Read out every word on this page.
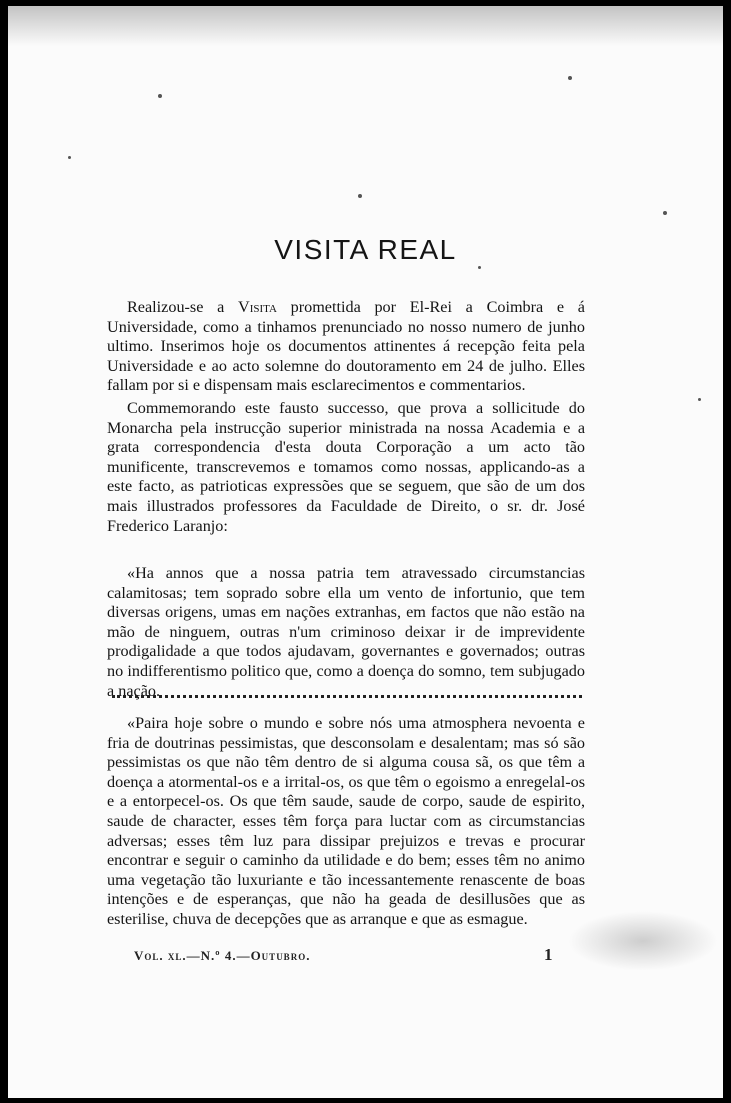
VISITA REAL

Realizou-se a Visita promettida por El-Rei a Coimbra e á Universidade, como a tinhamos prenunciado no nosso numero de junho ultimo. Inserimos hoje os documentos attinentes á recepção feita pela Universidade e ao acto solemne do doutoramento em 24 de julho. Elles fallam por si e dispensam mais esclarecimentos e commentarios.

Commemorando este fausto successo, que prova a sollicitude do Monarcha pela instrucção superior ministrada na nossa Academia e a grata correspondencia d'esta douta Corporação a um acto tão munificente, transcrevemos e tomamos como nossas, applicando-as a este facto, as patrioticas expressões que se seguem, que são de um dos mais illustrados professores da Faculdade de Direito, o sr. dr. José Frederico Laranjo:

«Ha annos que a nossa patria tem atravessado circumstancias calamitosas; tem soprado sobre ella um vento de infortunio, que tem diversas origens, umas em nações extranhas, em factos que não estão na mão de ninguem, outras n'um criminoso deixar ir de imprevidente prodigalidade a que todos ajudavam, governantes e governados; outras no indifferentismo politico que, como a doença do somno, tem subjugado a nação.

«Paira hoje sobre o mundo e sobre nós uma atmosphera nevoenta e fria de doutrinas pessimistas, que desconsolam e desalentam; mas só são pessimistas os que não têm dentro de si alguma cousa sã, os que têm a doença a atormental-os e a irrital-os, os que têm o egoismo a enregelal-os e a entorpecel-os. Os que têm saude, saude de corpo, saude de espirito, saude de character, esses têm força para luctar com as circumstancias adversas; esses têm luz para dissipar prejuizos e trevas e procurar encontrar e seguir o caminho da utilidade e do bem; esses têm no animo uma vegetação tão luxuriante e tão incessantemente renascente de boas intenções e de esperanças, que não ha geada de desillusões que as esterilise, chuva de decepções que as arranque e que as esmague.

Vol. xl.—N.º 4.—Outubro.	1
